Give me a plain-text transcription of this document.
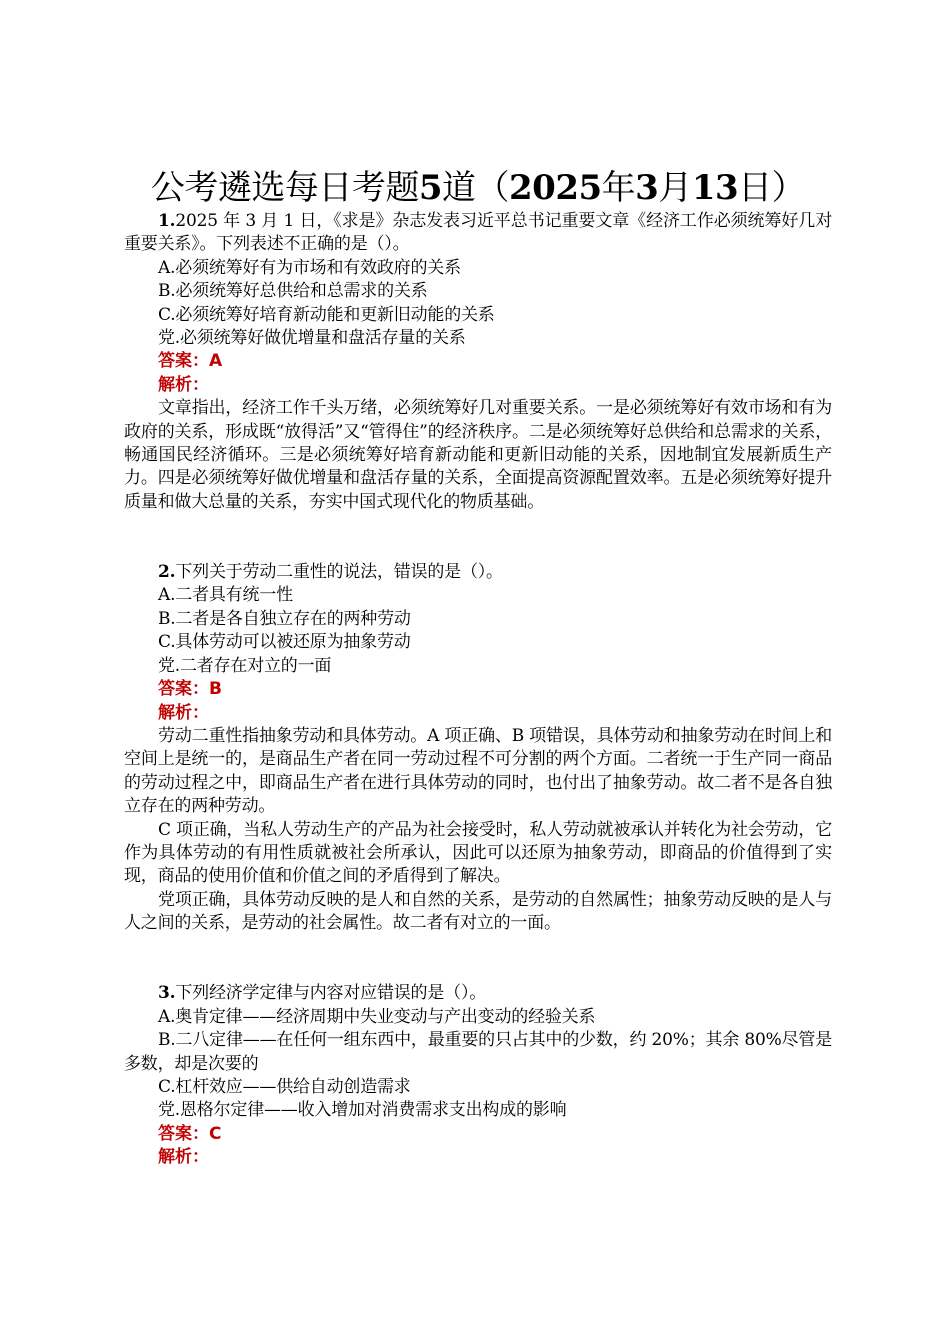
公考遴选每日考题5道（2025年3月13日）

1.2025 年 3 月 1 日，《求是》杂志发表习近平总书记重要文章《经济工作必须统筹好几对重要关系》。下列表述不正确的是（）。

A.必须统筹好有为市场和有效政府的关系

B.必须统筹好总供给和总需求的关系

C.必须统筹好培育新动能和更新旧动能的关系

党.必须统筹好做优增量和盘活存量的关系

答案：A

解析：

文章指出，经济工作千头万绪，必须统筹好几对重要关系。一是必须统筹好有效市场和有为政府的关系，形成既“放得活”又“管得住”的经济秩序。二是必须统筹好总供给和总需求的关系，畅通国民经济循环。三是必须统筹好培育新动能和更新旧动能的关系，因地制宜发展新质生产力。四是必须统筹好做优增量和盘活存量的关系，全面提高资源配置效率。五是必须统筹好提升质量和做大总量的关系，夯实中国式现代化的物质基础。

2.下列关于劳动二重性的说法，错误的是（）。

A.二者具有统一性

B.二者是各自独立存在的两种劳动

C.具体劳动可以被还原为抽象劳动

党.二者存在对立的一面

答案：B

解析：

劳动二重性指抽象劳动和具体劳动。A 项正确、B 项错误，具体劳动和抽象劳动在时间上和空间上是统一的，是商品生产者在同一劳动过程不可分割的两个方面。二者统一于生产同一商品的劳动过程之中，即商品生产者在进行具体劳动的同时，也付出了抽象劳动。故二者不是各自独立存在的两种劳动。

C 项正确，当私人劳动生产的产品为社会接受时，私人劳动就被承认并转化为社会劳动，它作为具体劳动的有用性质就被社会所承认，因此可以还原为抽象劳动，即商品的价值得到了实现，商品的使用价值和价值之间的矛盾得到了解决。

党项正确，具体劳动反映的是人和自然的关系，是劳动的自然属性；抽象劳动反映的是人与人之间的关系，是劳动的社会属性。故二者有对立的一面。

3.下列经济学定律与内容对应错误的是（）。

A.奥肯定律——经济周期中失业变动与产出变动的经验关系

B.二八定律——在任何一组东西中，最重要的只占其中的少数，约 20%；其余 80%尽管是多数，却是次要的

C.杠杆效应——供给自动创造需求

党.恩格尔定律——收入增加对消费需求支出构成的影响

答案：C

解析：
